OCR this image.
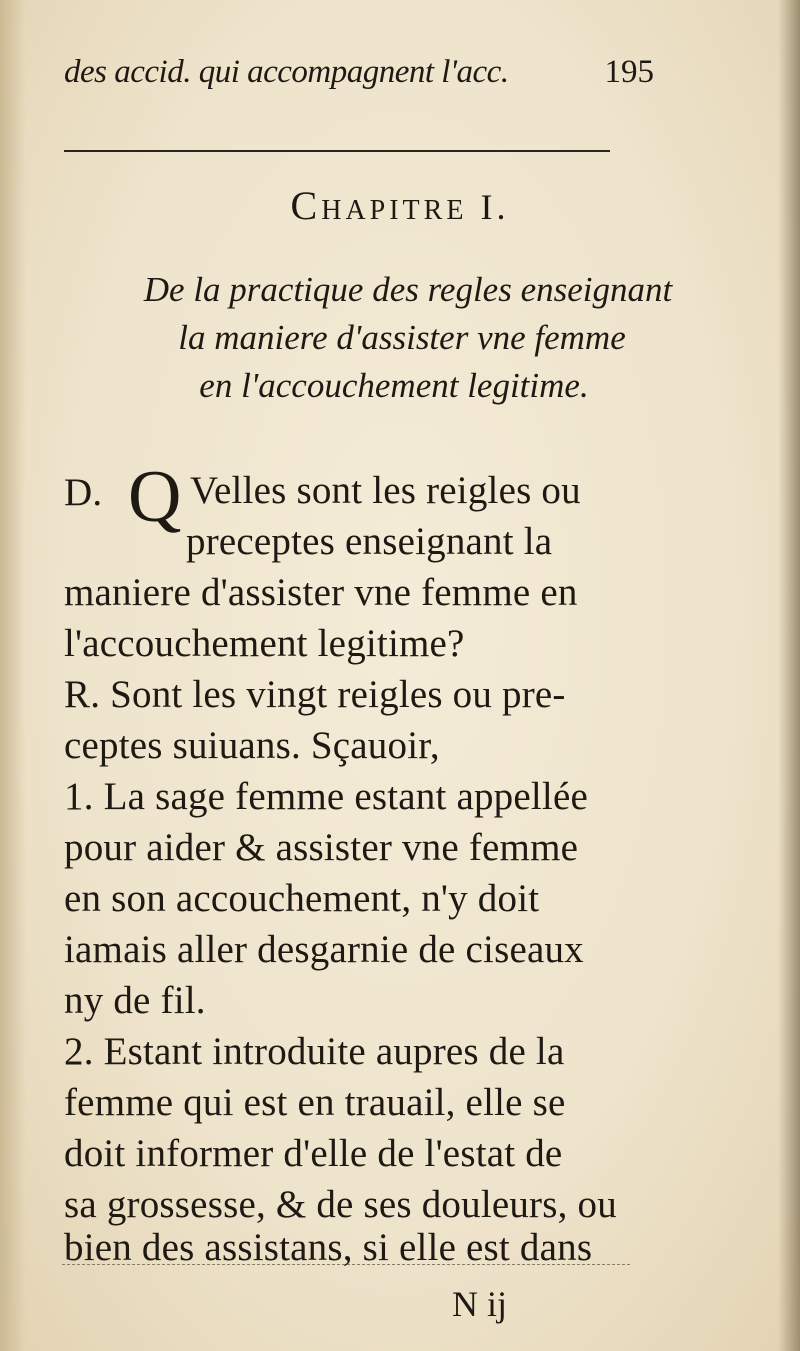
des accid. qui accompagnent l'acc.	195
CHAPITRE I.
De la practique des regles enseignant
la maniere d'assister vne femme
en l'accouchement legitime.
D. Q Velles sont les reigles ou
preceptes enseignant la
maniere d'assister vne femme en
l'accouchement legitime?
R. Sont les vingt reigles ou pre-
ceptes suiuans. Sçauoir,
1. La sage femme estant appellée
pour aider & assister vne femme
en son accouchement, n'y doit
iamais aller desgarnie de ciseaux
ny de fil.
2. Estant introduite aupres de la
femme qui est en trauail, elle se
doit informer d'elle de l'estat de
sa grossesse, & de ses douleurs, ou
bien des assistans, si elle est dans
N ij
